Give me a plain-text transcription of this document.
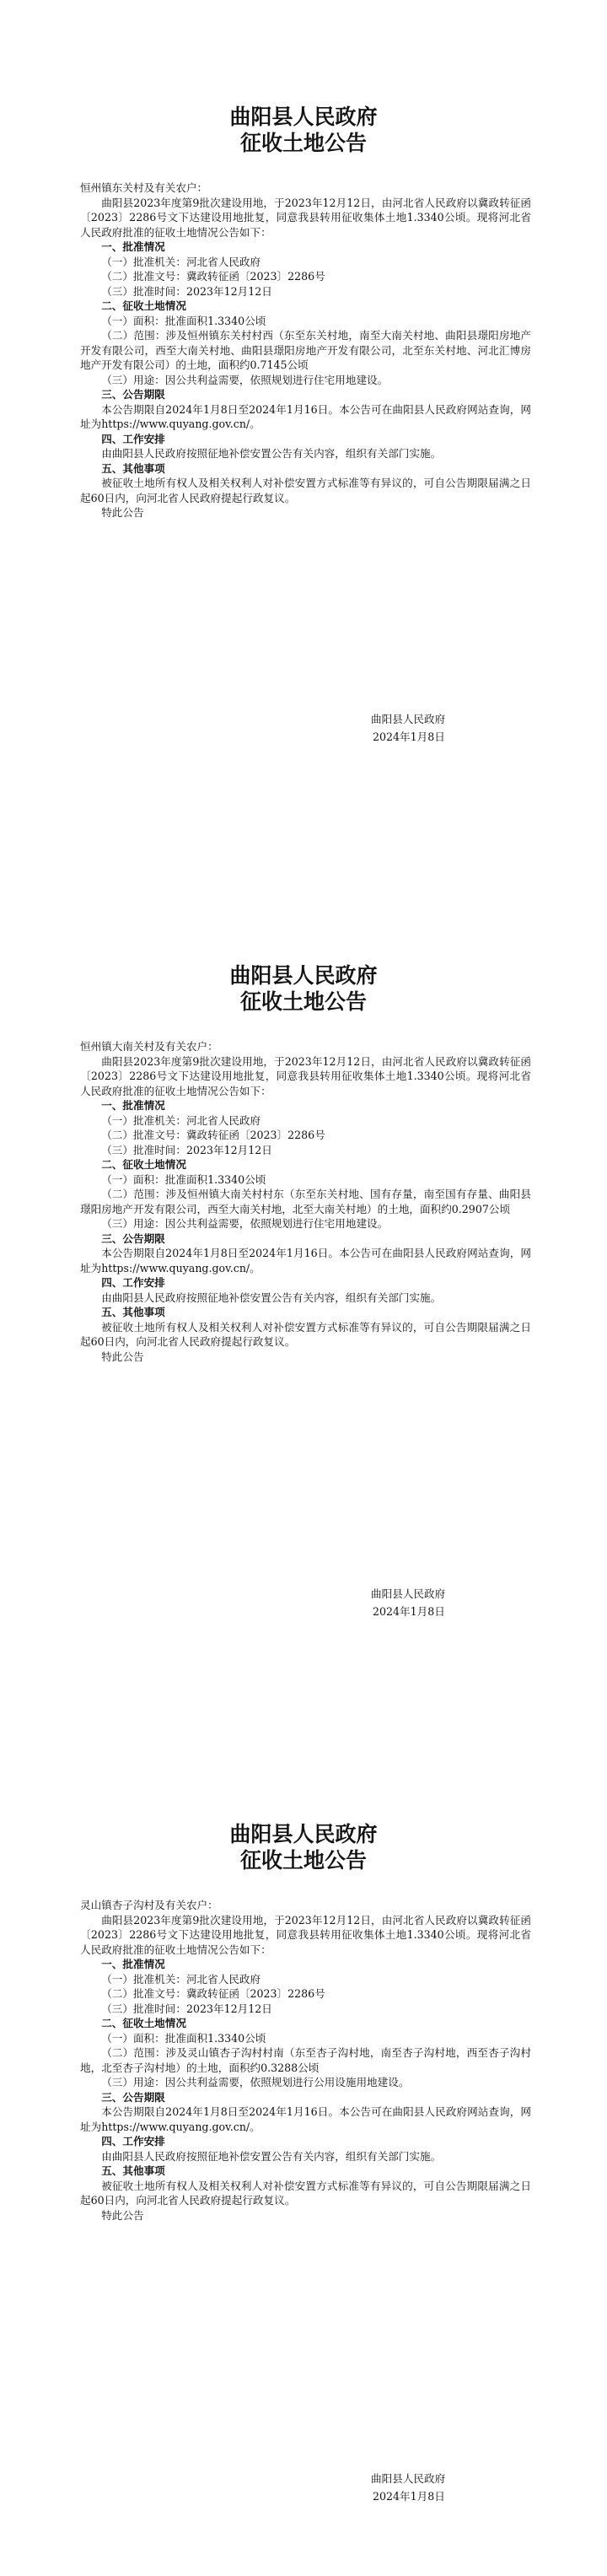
曲阳县人民政府
征收土地公告

恒州镇东关村及有关农户：

曲阳县2023年度第9批次建设用地，于2023年12月12日，由河北省人民政府以冀政转征函〔2023〕2286号文下达建设用地批复，同意我县转用征收集体土地1.3340公顷。现将河北省人民政府批准的征收土地情况公告如下：

一、批准情况

（一）批准机关：河北省人民政府

（二）批准文号：冀政转征函〔2023〕2286号

（三）批准时间：2023年12月12日

二、征收土地情况

（一）面积：批准面积1.3340公顷

（二）范围：涉及恒州镇东关村村西（东至东关村地，南至大南关村地、曲阳县璟阳房地产开发有限公司，西至大南关村地、曲阳县璟阳房地产开发有限公司，北至东关村地、河北汇博房地产开发有限公司）的土地，面积约0.7145公顷

（三）用途：因公共利益需要，依照规划进行住宅用地建设。

三、公告期限

本公告期限自2024年1月8日至2024年1月16日。本公告可在曲阳县人民政府网站查询，网址为https://www.quyang.gov.cn/。

四、工作安排

由曲阳县人民政府按照征地补偿安置公告有关内容，组织有关部门实施。

五、其他事项

被征收土地所有权人及相关权利人对补偿安置方式标准等有异议的，可自公告期限届满之日起60日内，向河北省人民政府提起行政复议。

特此公告

曲阳县人民政府
2024年1月8日
曲阳县人民政府
征收土地公告

恒州镇大南关村及有关农户：

曲阳县2023年度第9批次建设用地，于2023年12月12日，由河北省人民政府以冀政转征函〔2023〕2286号文下达建设用地批复，同意我县转用征收集体土地1.3340公顷。现将河北省人民政府批准的征收土地情况公告如下：

一、批准情况

（一）批准机关：河北省人民政府

（二）批准文号：冀政转征函〔2023〕2286号

（三）批准时间：2023年12月12日

二、征收土地情况

（一）面积：批准面积1.3340公顷

（二）范围：涉及恒州镇大南关村村东（东至东关村地、国有存量，南至国有存量、曲阳县璟阳房地产开发有限公司，西至大南关村地，北至大南关村地）的土地，面积约0.2907公顷

（三）用途：因公共利益需要，依照规划进行住宅用地建设。

三、公告期限

本公告期限自2024年1月8日至2024年1月16日。本公告可在曲阳县人民政府网站查询，网址为https://www.quyang.gov.cn/。

四、工作安排

由曲阳县人民政府按照征地补偿安置公告有关内容，组织有关部门实施。

五、其他事项

被征收土地所有权人及相关权利人对补偿安置方式标准等有异议的，可自公告期限届满之日起60日内，向河北省人民政府提起行政复议。

特此公告

曲阳县人民政府
2024年1月8日
曲阳县人民政府
征收土地公告

灵山镇杏子沟村及有关农户：

曲阳县2023年度第9批次建设用地，于2023年12月12日，由河北省人民政府以冀政转征函〔2023〕2286号文下达建设用地批复，同意我县转用征收集体土地1.3340公顷。现将河北省人民政府批准的征收土地情况公告如下：

一、批准情况

（一）批准机关：河北省人民政府

（二）批准文号：冀政转征函〔2023〕2286号

（三）批准时间：2023年12月12日

二、征收土地情况

（一）面积：批准面积1.3340公顷

（二）范围：涉及灵山镇杏子沟村村南（东至杏子沟村地，南至杏子沟村地，西至杏子沟村地，北至杏子沟村地）的土地，面积约0.3288公顷

（三）用途：因公共利益需要，依照规划进行公用设施用地建设。

三、公告期限

本公告期限自2024年1月8日至2024年1月16日。本公告可在曲阳县人民政府网站查询，网址为https://www.quyang.gov.cn/。

四、工作安排

由曲阳县人民政府按照征地补偿安置公告有关内容，组织有关部门实施。

五、其他事项

被征收土地所有权人及相关权利人对补偿安置方式标准等有异议的，可自公告期限届满之日起60日内，向河北省人民政府提起行政复议。

特此公告

曲阳县人民政府
2024年1月8日
